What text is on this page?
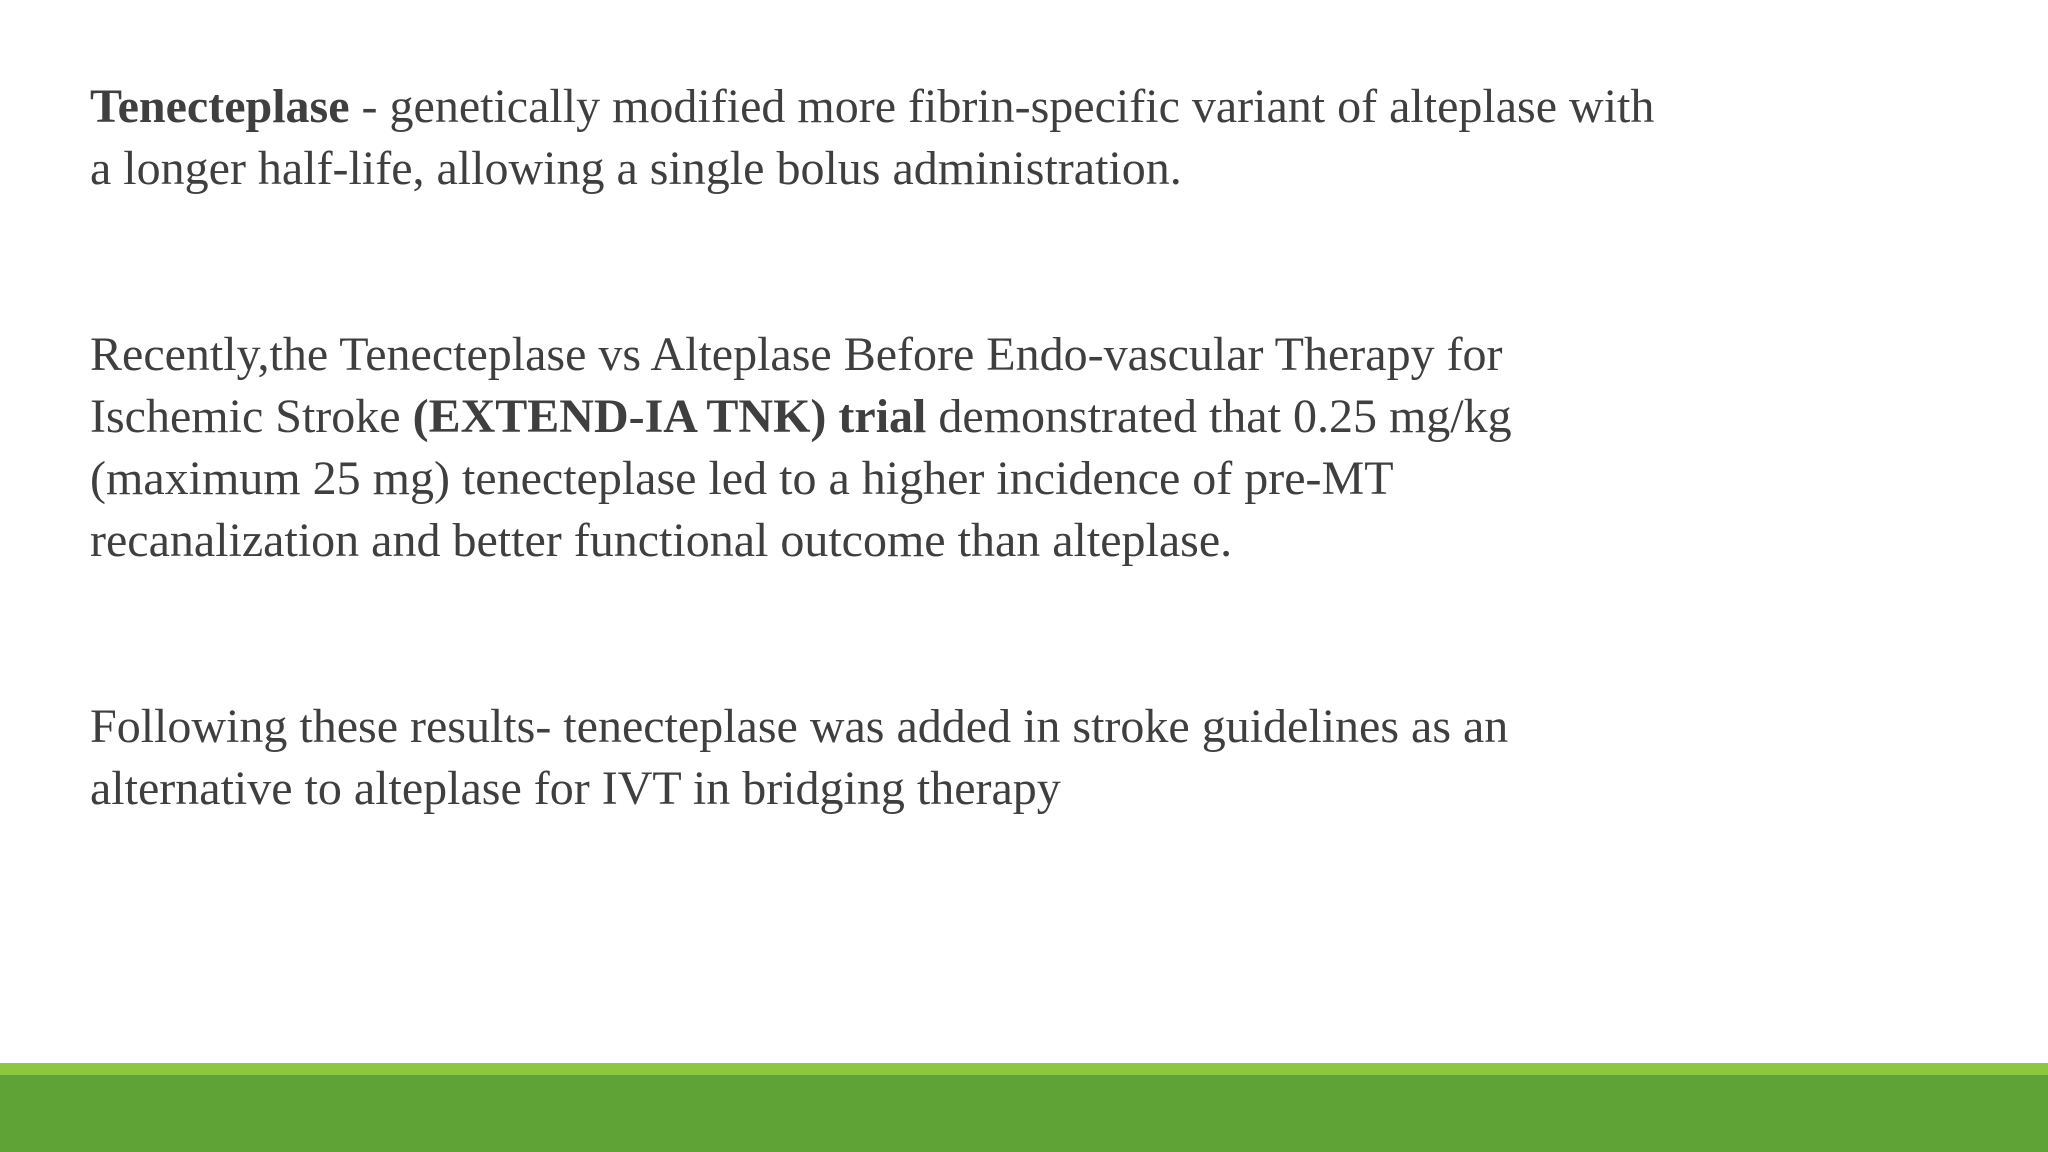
Tenecteplase - genetically modified more fibrin-specific variant of alteplase with
a longer half-life, allowing a single bolus administration.

Recently,the Tenecteplase vs Alteplase Before Endo-vascular Therapy for
Ischemic Stroke (EXTEND-IA TNK) trial demonstrated that 0.25 mg/kg
(maximum 25 mg) tenecteplase led to a higher incidence of pre-MT
recanalization and better functional outcome than alteplase.

Following these results- tenecteplase was added in stroke guidelines as an
alternative to alteplase for IVT in bridging therapy
